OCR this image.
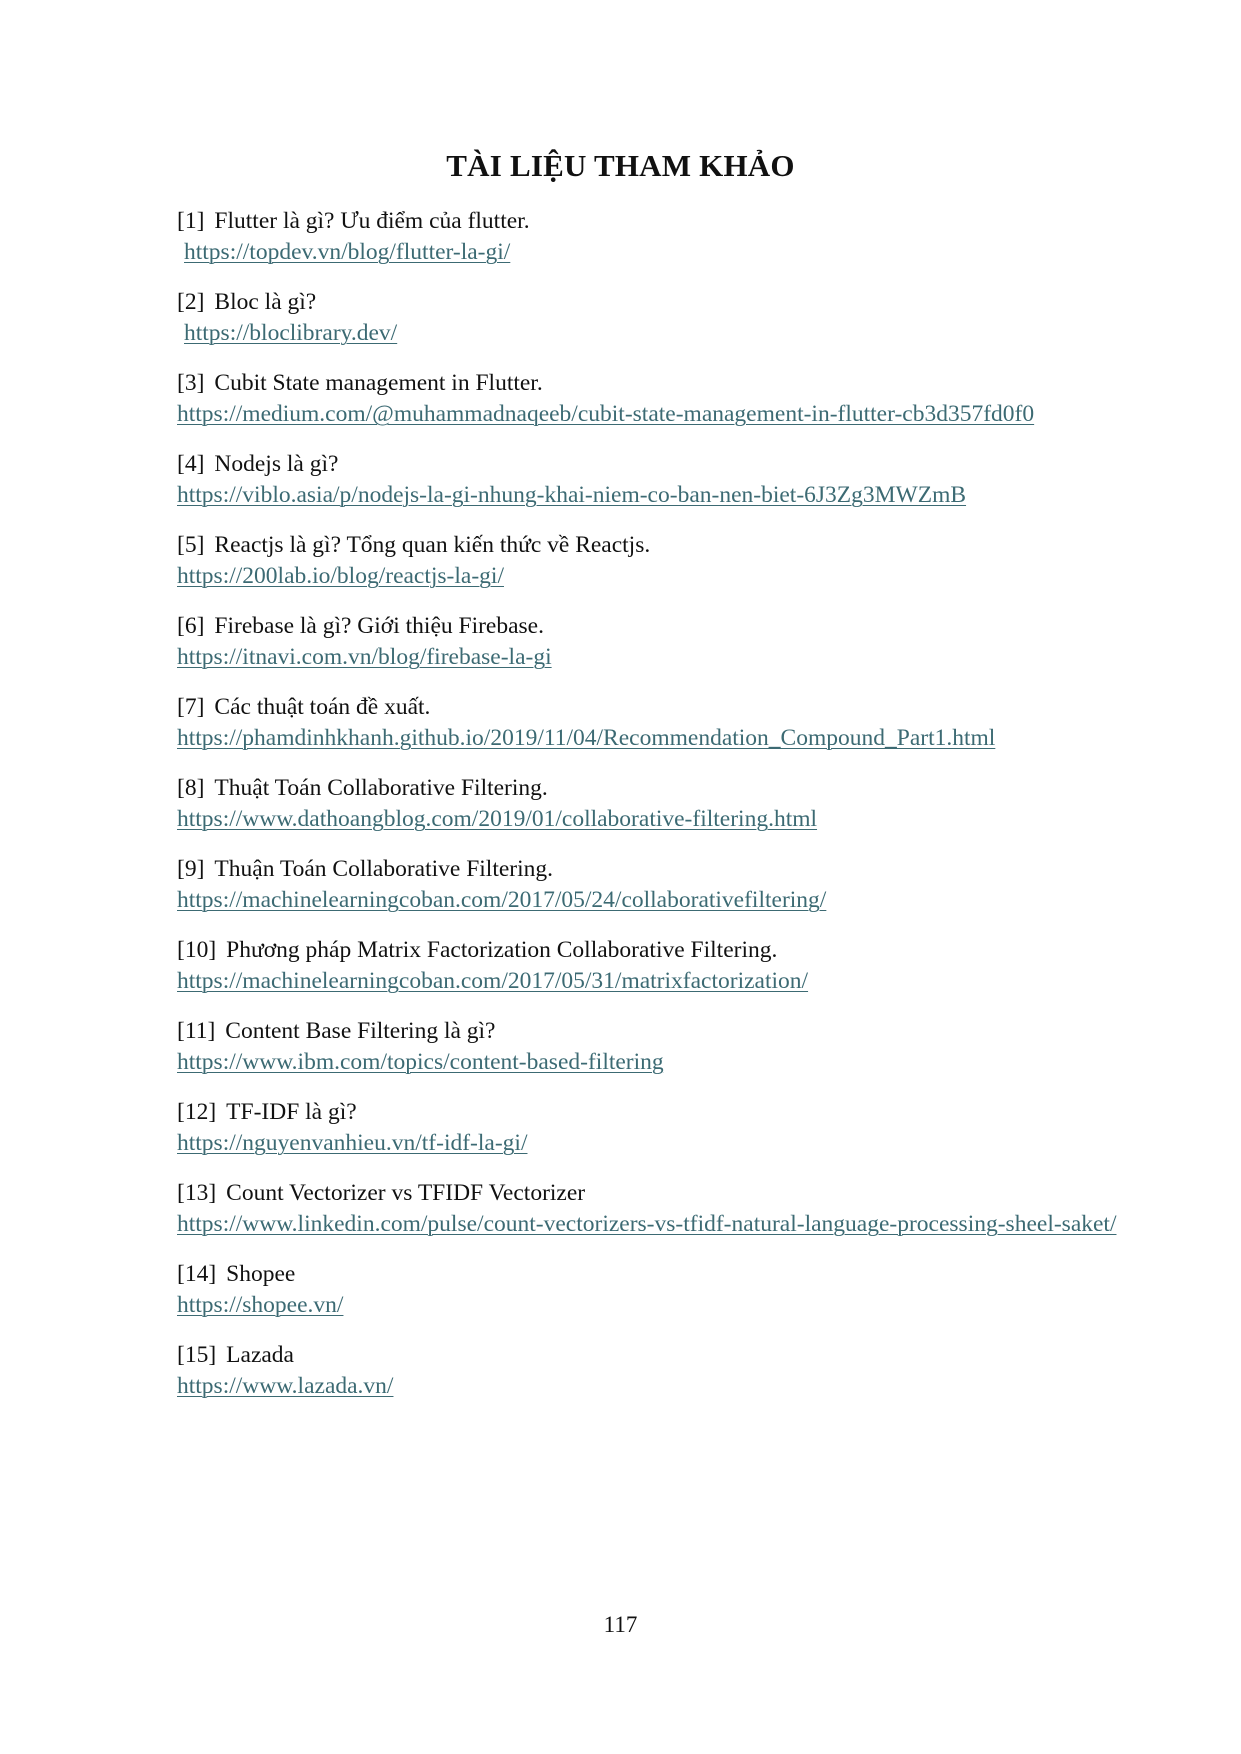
TÀI LIỆU THAM KHẢO
[1] Flutter là gì? Ưu điểm của flutter.
https://topdev.vn/blog/flutter-la-gi/
[2] Bloc là gì?
https://bloclibrary.dev/
[3] Cubit State management in Flutter.
https://medium.com/@muhammadnaqeeb/cubit-state-management-in-flutter-cb3d357fd0f0
[4] Nodejs là gì?
https://viblo.asia/p/nodejs-la-gi-nhung-khai-niem-co-ban-nen-biet-6J3Zg3MWZmB
[5] Reactjs là gì? Tổng quan kiến thức về Reactjs.
https://200lab.io/blog/reactjs-la-gi/
[6] Firebase là gì? Giới thiệu Firebase.
https://itnavi.com.vn/blog/firebase-la-gi
[7] Các thuật toán đề xuất.
https://phamdinhkhanh.github.io/2019/11/04/Recommendation_Compound_Part1.html
[8] Thuật Toán Collaborative Filtering.
https://www.dathoangblog.com/2019/01/collaborative-filtering.html
[9] Thuận Toán Collaborative Filtering.
https://machinelearningcoban.com/2017/05/24/collaborativefiltering/
[10] Phương pháp Matrix Factorization Collaborative Filtering.
https://machinelearningcoban.com/2017/05/31/matrixfactorization/
[11] Content Base Filtering là gì?
https://www.ibm.com/topics/content-based-filtering
[12] TF-IDF là gì?
https://nguyenvanhieu.vn/tf-idf-la-gi/
[13] Count Vectorizer vs TFIDF Vectorizer
https://www.linkedin.com/pulse/count-vectorizers-vs-tfidf-natural-language-processing-sheel-saket/
[14] Shopee
https://shopee.vn/
[15] Lazada
https://www.lazada.vn/
117
